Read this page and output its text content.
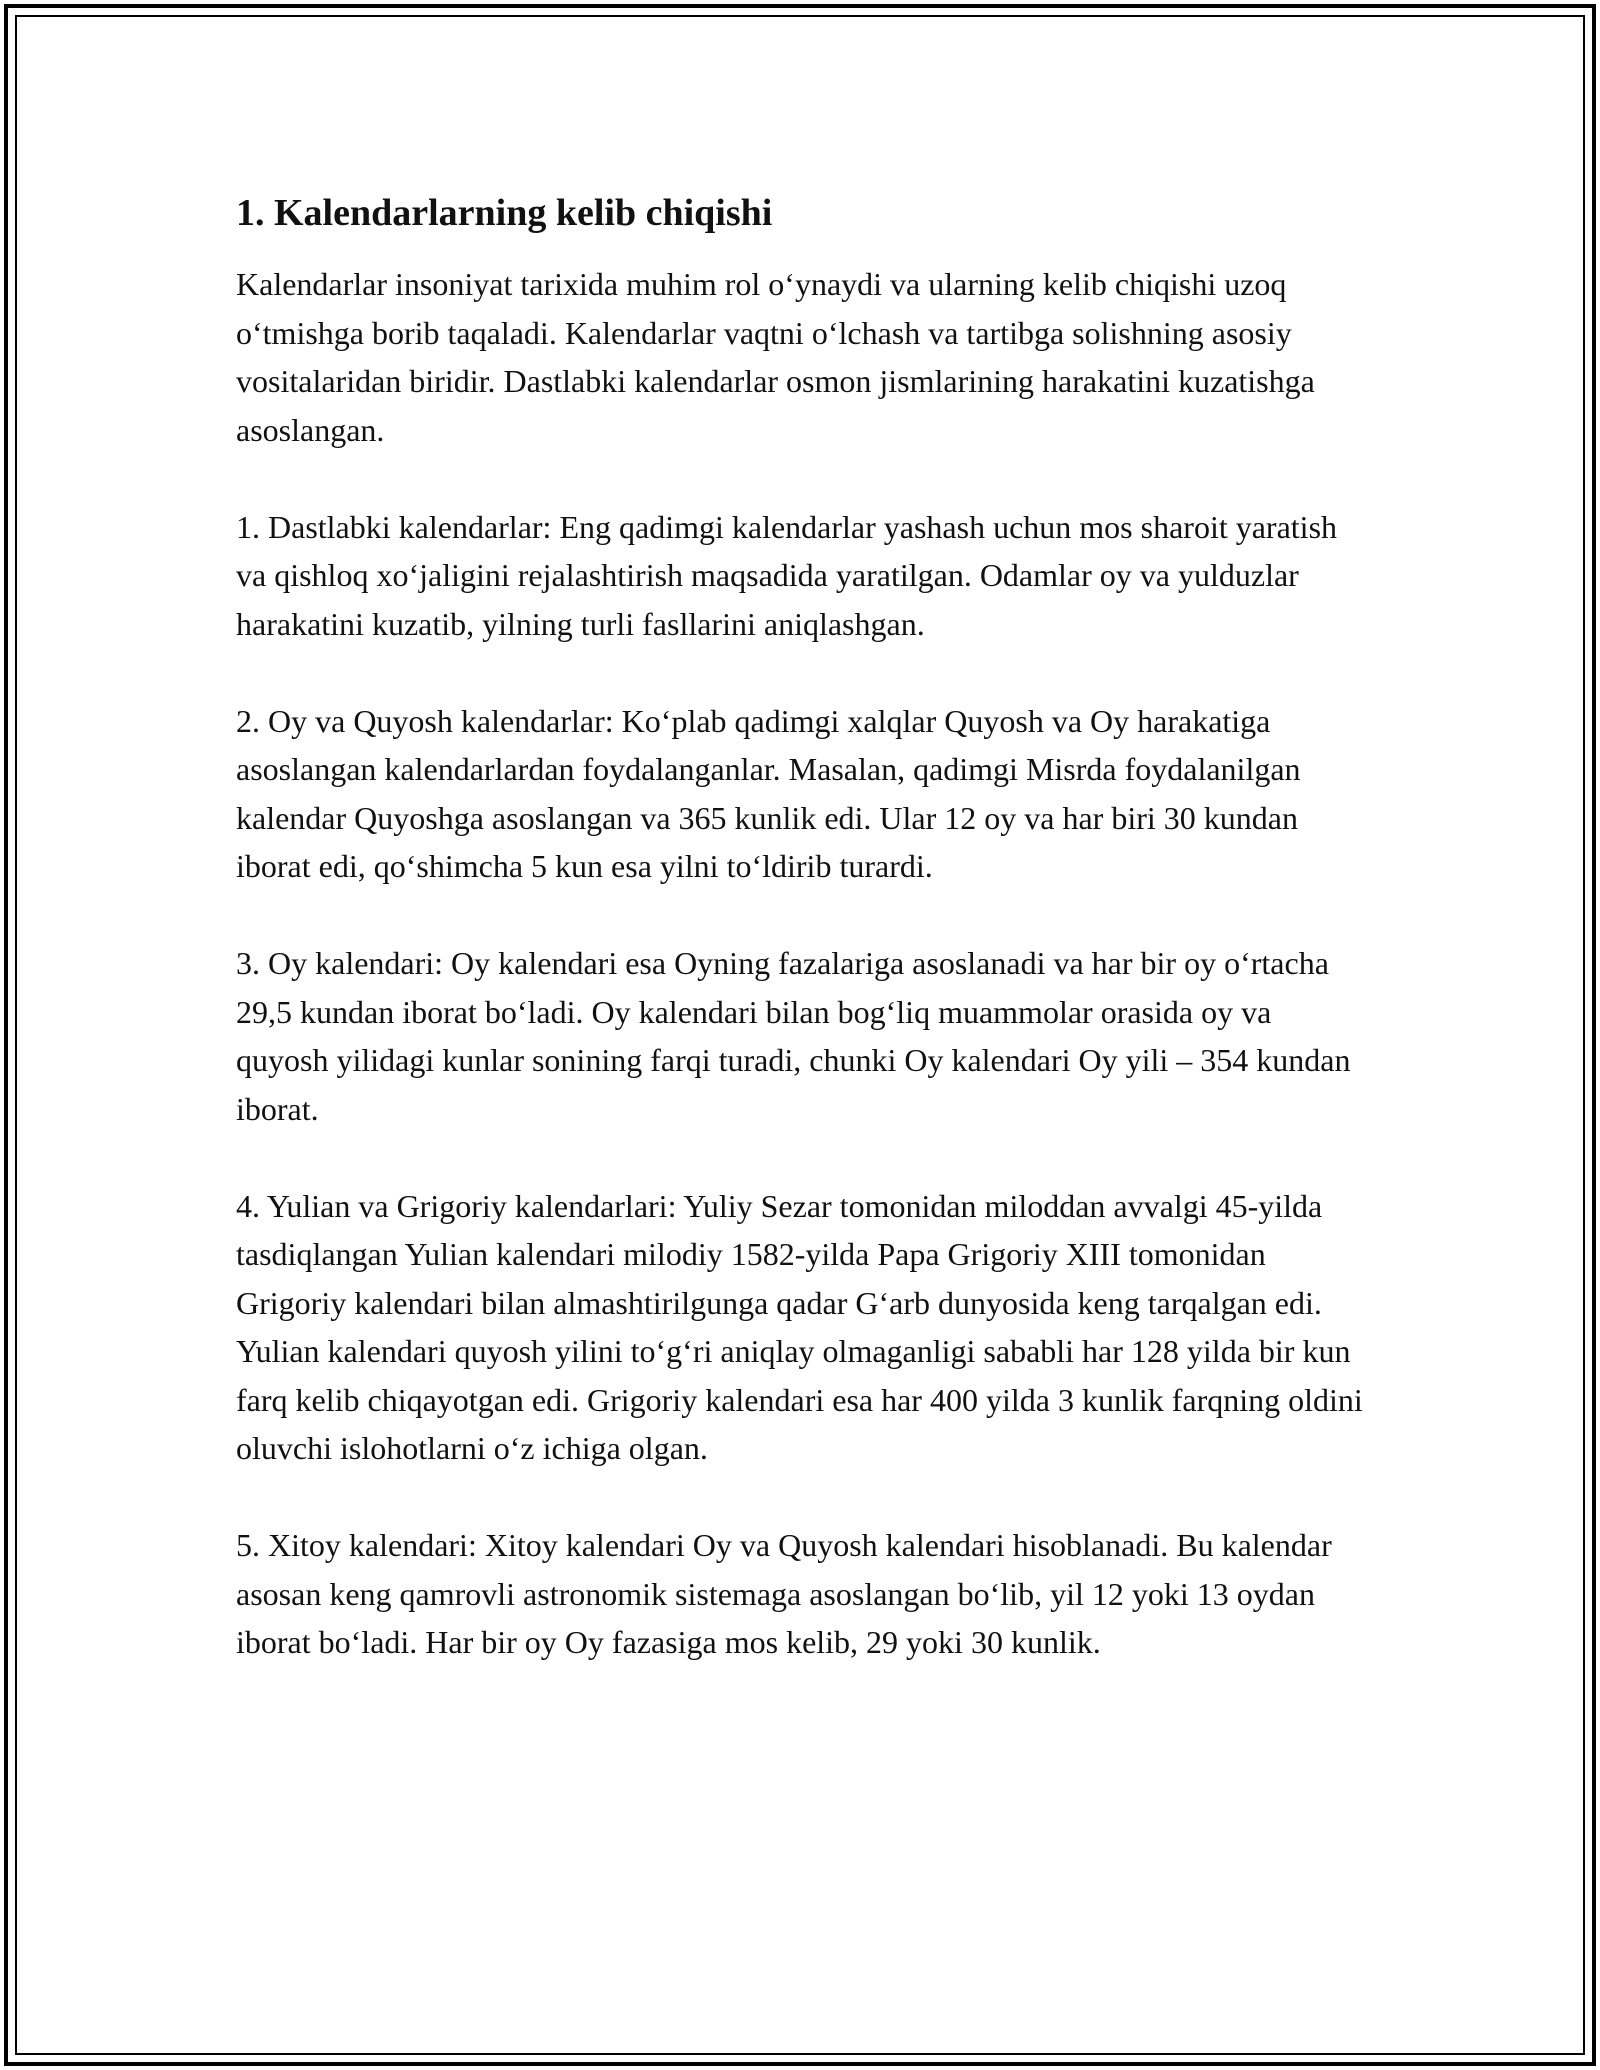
1. Kalendarlarning kelib chiqishi

Kalendarlar insoniyat tarixida muhim rol o‘ynaydi va ularning kelib chiqishi uzoq o‘tmishga borib taqaladi. Kalendarlar vaqtni o‘lchash va tartibga solishning asosiy vositalaridan biridir. Dastlabki kalendarlar osmon jismlarining harakatini kuzatishga asoslangan.

1. Dastlabki kalendarlar: Eng qadimgi kalendarlar yashash uchun mos sharoit yaratish va qishloq xo‘jaligini rejalashtirish maqsadida yaratilgan. Odamlar oy va yulduzlar harakatini kuzatib, yilning turli fasllarini aniqlashgan.

2. Oy va Quyosh kalendarlar: Ko‘plab qadimgi xalqlar Quyosh va Oy harakatiga asoslangan kalendarlardan foydalanganlar. Masalan, qadimgi Misrda foydalanilgan kalendar Quyoshga asoslangan va 365 kunlik edi. Ular 12 oy va har biri 30 kundan iborat edi, qo‘shimcha 5 kun esa yilni to‘ldirib turardi.

3. Oy kalendari: Oy kalendari esa Oyning fazalariga asoslanadi va har bir oy o‘rtacha 29,5 kundan iborat bo‘ladi. Oy kalendari bilan bog‘liq muammolar orasida oy va quyosh yilidagi kunlar sonining farqi turadi, chunki Oy kalendari Oy yili – 354 kundan iborat.

4. Yulian va Grigoriy kalendarlari: Yuliy Sezar tomonidan miloddan avvalgi 45-yilda tasdiqlangan Yulian kalendari milodiy 1582-yilda Papa Grigoriy XIII tomonidan Grigoriy kalendari bilan almashtirilgunga qadar G‘arb dunyosida keng tarqalgan edi. Yulian kalendari quyosh yilini to‘g‘ri aniqlay olmaganligi sababli har 128 yilda bir kun farq kelib chiqayotgan edi. Grigoriy kalendari esa har 400 yilda 3 kunlik farqning oldini oluvchi islohotlarni o‘z ichiga olgan.

5. Xitoy kalendari: Xitoy kalendari Oy va Quyosh kalendari hisoblanadi. Bu kalendar asosan keng qamrovli astronomik sistemaga asoslangan bo‘lib, yil 12 yoki 13 oydan iborat bo‘ladi. Har bir oy Oy fazasiga mos kelib, 29 yoki 30 kunlik.
